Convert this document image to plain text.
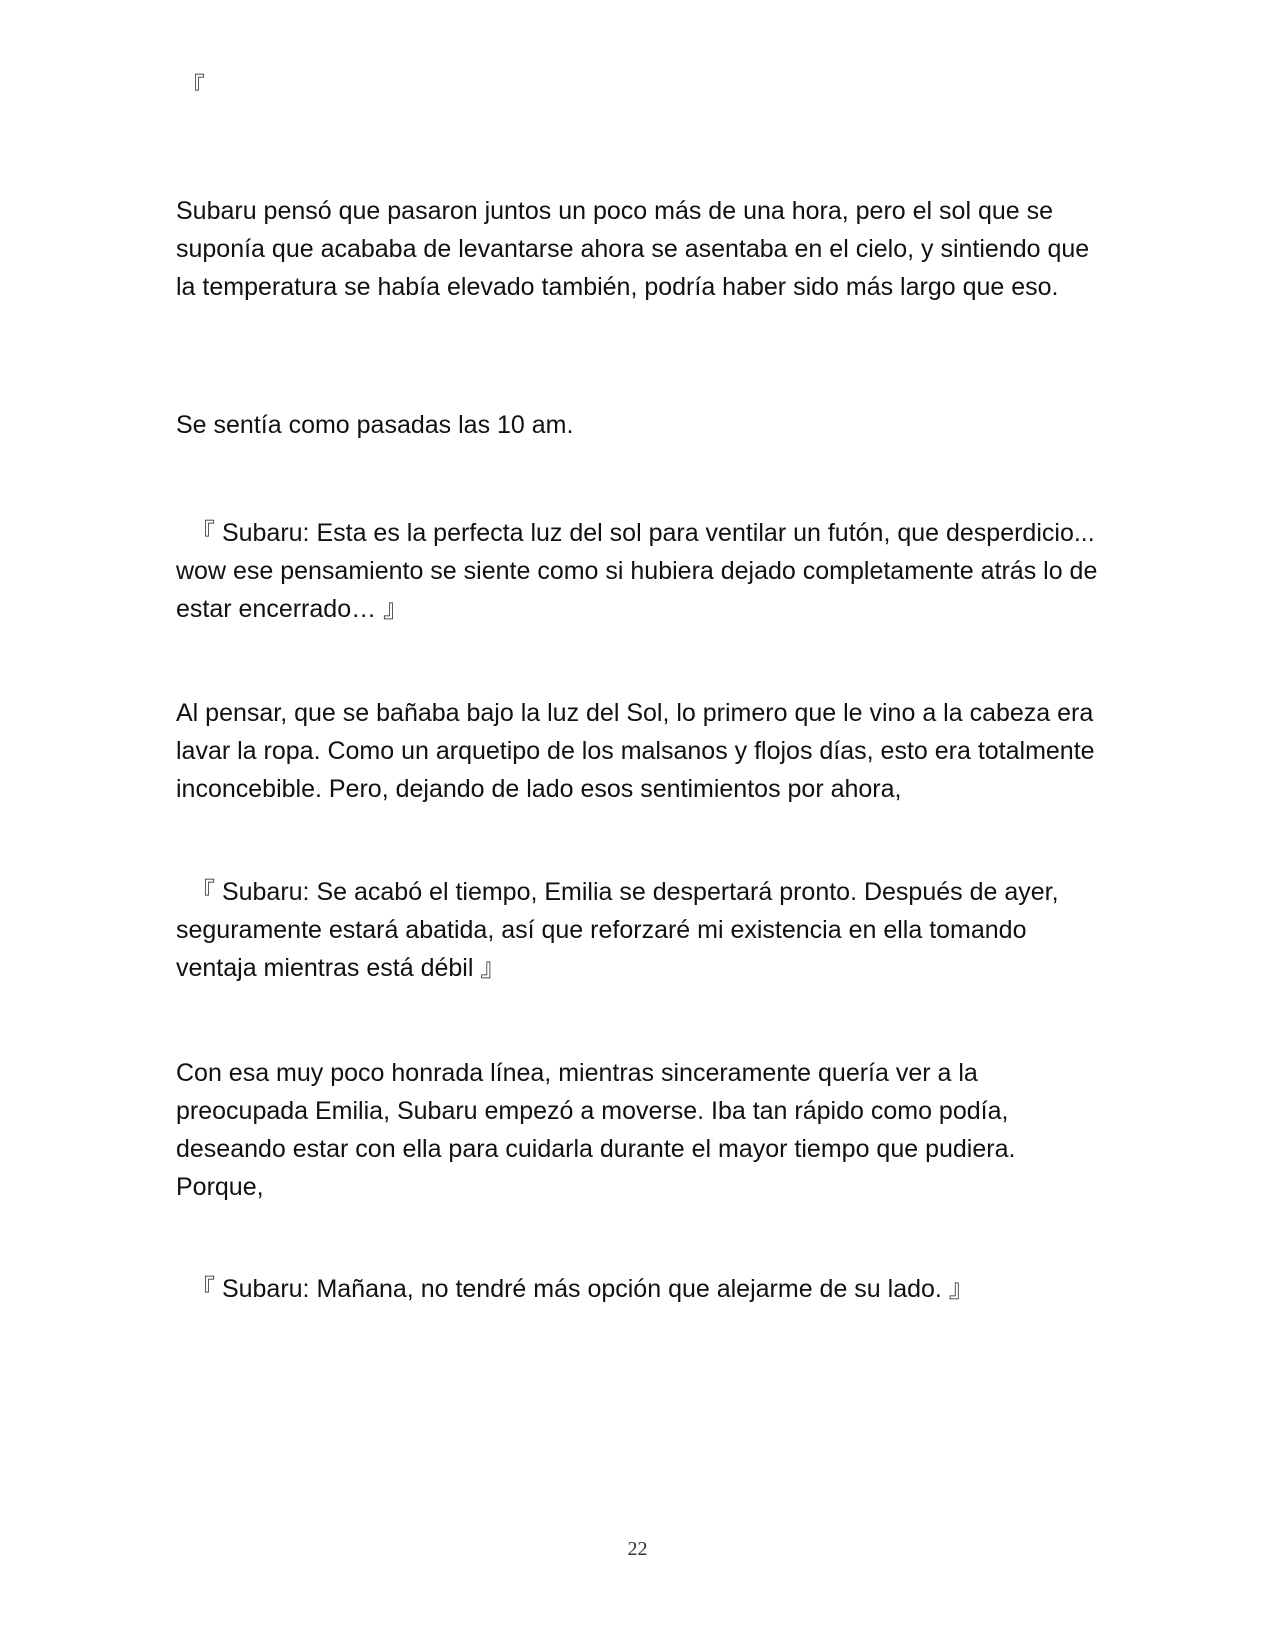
『

Subaru pensó que pasaron juntos un poco más de una hora, pero el sol que se suponía que acababa de levantarse ahora se asentaba en el cielo, y sintiendo que la temperatura se había elevado también, podría haber sido más largo que eso.

Se sentía como pasadas las 10 am.

『 Subaru: Esta es la perfecta luz del sol para ventilar un futón, que desperdicio... wow ese pensamiento se siente como si hubiera dejado completamente atrás lo de estar encerrado… 』

Al pensar, que se bañaba bajo la luz del Sol, lo primero que le vino a la cabeza era lavar la ropa. Como un arquetipo de los malsanos y flojos días, esto era totalmente inconcebible. Pero, dejando de lado esos sentimientos por ahora,

『 Subaru: Se acabó el tiempo, Emilia se despertará pronto. Después de ayer, seguramente estará abatida, así que reforzaré mi existencia en ella tomando ventaja mientras está débil 』

Con esa muy poco honrada línea, mientras sinceramente quería ver a la preocupada Emilia, Subaru empezó a moverse. Iba tan rápido como podía, deseando estar con ella para cuidarla durante el mayor tiempo que pudiera. Porque,

『 Subaru: Mañana, no tendré más opción que alejarme de su lado. 』

22
